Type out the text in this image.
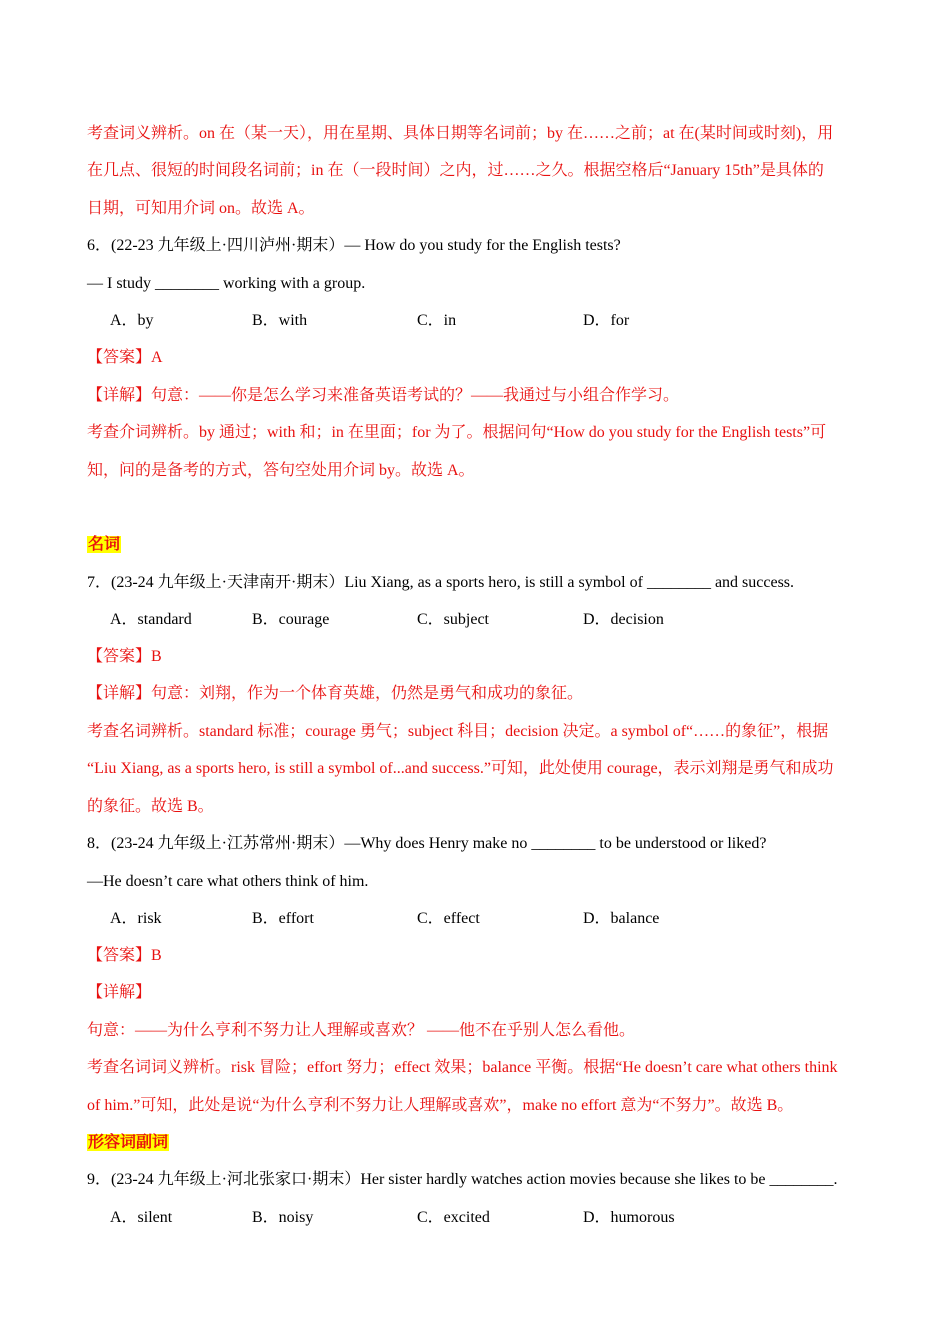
考查词义辨析。on 在（某一天），用在星期、具体日期等名词前；by 在……之前；at 在(某时间或时刻)，用
在几点、很短的时间段名词前；in 在（一段时间）之内，过……之久。根据空格后“January 15th”是具体的
日期，可知用介词 on。故选 A。
6．(22-23 九年级上·四川泸州·期末）— How do you study for the English tests?
— I study ________ working with a group.
A．by	B．with	C．in	D．for
【答案】A
【详解】句意：——你是怎么学习来准备英语考试的？——我通过与小组合作学习。
考查介词辨析。by 通过；with 和；in 在里面；for 为了。根据问句“How do you study for the English tests”可
知，问的是备考的方式，答句空处用介词 by。故选 A。
名词
7．(23-24 九年级上·天津南开·期末）Liu Xiang, as a sports hero, is still a symbol of ________ and success.
A．standard	B．courage	C．subject	D．decision
【答案】B
【详解】句意：刘翔，作为一个体育英雄，仍然是勇气和成功的象征。
考查名词辨析。standard 标准；courage 勇气；subject 科目；decision 决定。a symbol of“……的象征”，根据
“Liu Xiang, as a sports hero, is still a symbol of...and success.”可知，此处使用 courage，表示刘翔是勇气和成功
的象征。故选 B。
8．(23-24 九年级上·江苏常州·期末）—Why does Henry make no ________ to be understood or liked?
—He doesn’t care what others think of him.
A．risk	B．effort	C．effect	D．balance
【答案】B
【详解】
句意：——为什么亨利不努力让人理解或喜欢？ ——他不在乎别人怎么看他。
考查名词词义辨析。risk 冒险；effort 努力；effect 效果；balance 平衡。根据“He doesn’t care what others think
of him.”可知，此处是说“为什么亨利不努力让人理解或喜欢”，make no effort 意为“不努力”。故选 B。
形容词副词
9．(23-24 九年级上·河北张家口·期末）Her sister hardly watches action movies because she likes to be ________.
A．silent	B．noisy	C．excited	D．humorous
